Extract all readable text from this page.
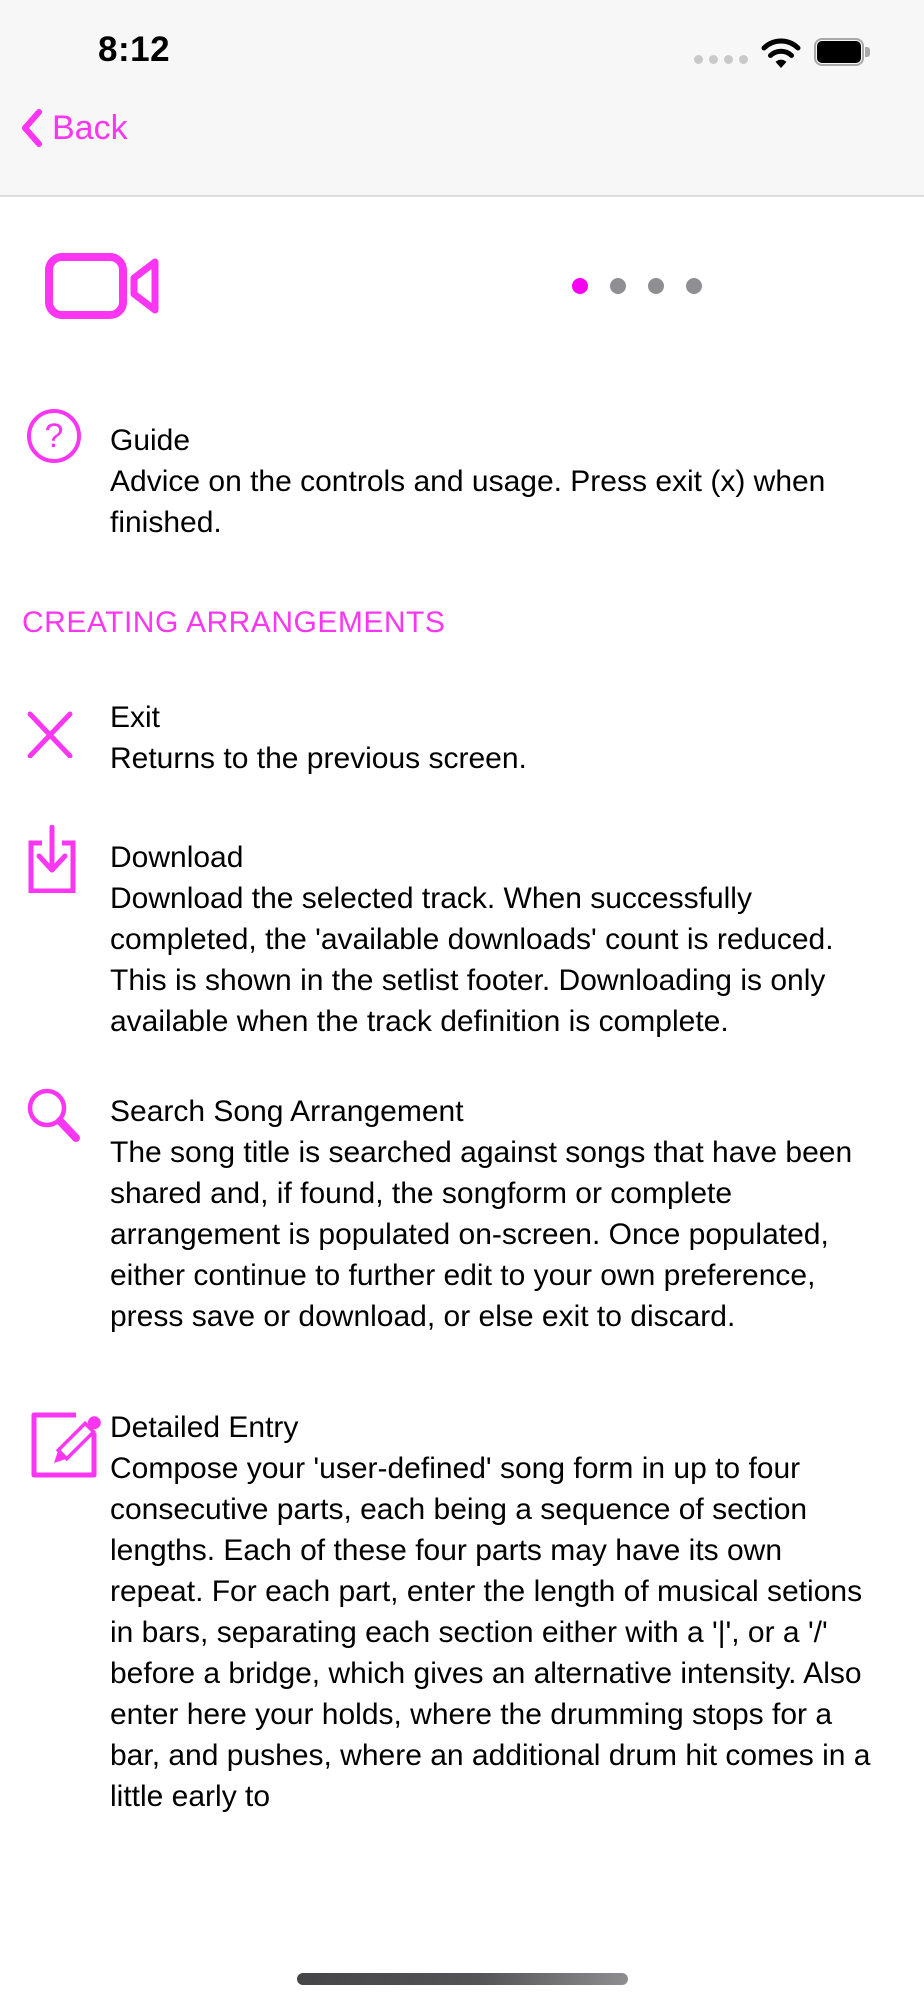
8:12
Back
? Guide
Advice on the controls and usage. Press exit (x) when finished.
CREATING ARRANGEMENTS
Exit
Returns to the previous screen.
Download
Download the selected track. When successfully completed, the 'available downloads' count is reduced. This is shown in the setlist footer. Downloading is only available when the track definition is complete.
Search Song Arrangement
The song title is searched against songs that have been shared and, if found, the songform or complete arrangement is populated on-screen. Once populated, either continue to further edit to your own preference, press save or download, or else exit to discard.
Detailed Entry
Compose your 'user-defined' song form in up to four consecutive parts, each being a sequence of section lengths. Each of these four parts may have its own repeat. For each part, enter the length of musical setions in bars, separating each section either with a '|', or a '/' before a bridge, which gives an alternative intensity. Also enter here your holds, where the drumming stops for a bar, and pushes, where an additional drum hit comes in a little early to
